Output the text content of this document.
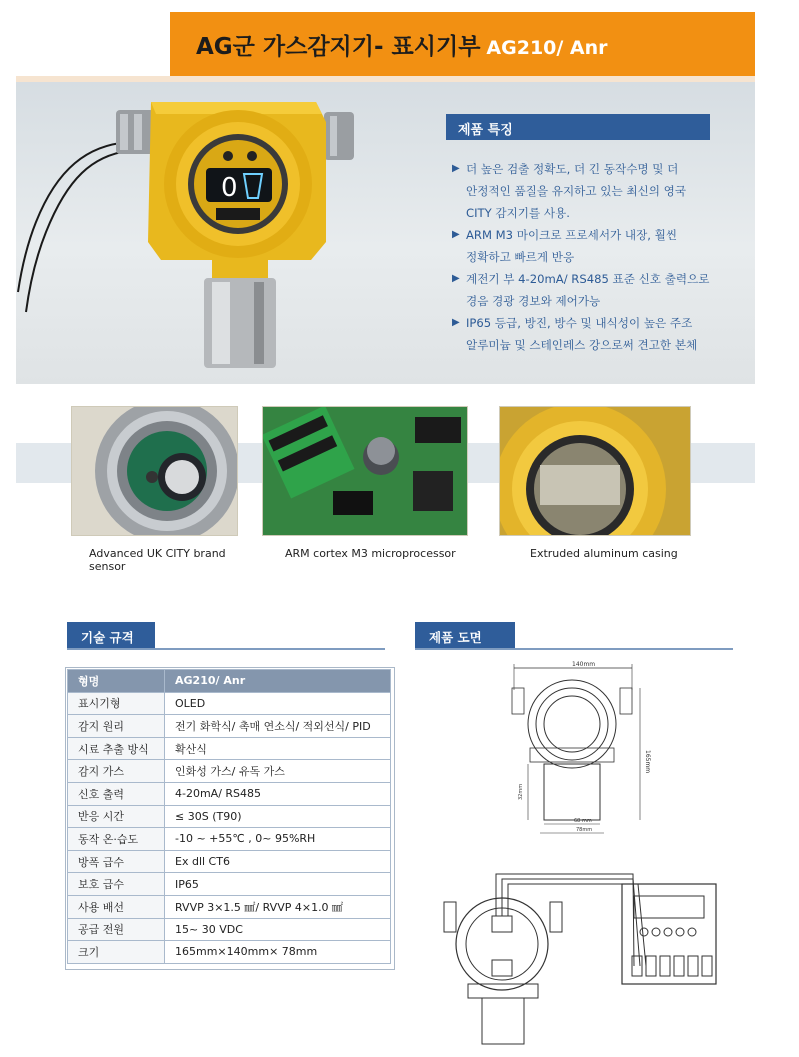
AG군 가스감지기- 표시기부 AG210/ Anr
0
제품 특징
▶ 더 높은 검출 정확도, 더 긴 동작수명 및 더
안정적인 품질을 유지하고 있는 최신의 영국
CITY 감지기를 사용.
▶ ARM M3 마이크로 프로세서가 내장, 훨씬
정확하고 빠르게 반응
▶ 계전기 부 4-20mA/ RS485 표준 신호 출력으로
경음 경광 경보와 제어가능
▶ IP65 등급, 방진, 방수 및 내식성이 높은 주조
알루미늄 및 스테인레스 강으로써 견고한 본체
Advanced UK CITY brand
sensor
ARM cortex M3 microprocessor	Extruded aluminum casing
기술 규격
형명	AG210/ Anr
표시기형	OLED
감지 원리	전기 화학식/ 촉매 연소식/ 적외선식/ PID
시료 추출 방식	확산식
감지 가스	인화성 가스/ 유독 가스
신호 출력	4-20mA/ RS485
반응 시간	≤ 30S (T90)
동작 온·습도	-10 ~ +55℃ , 0~ 95%RH
방폭 급수	Ex dll CT6
보호 급수	IP65
사용 배선	RVVP 3×1.5 ㎟/ RVVP 4×1.0 ㎟
공급 전원	15~ 30 VDC
크기	165mm×140mm× 78mm
제품 도면
140mm
165mm
32mm
68 mm
78mm
